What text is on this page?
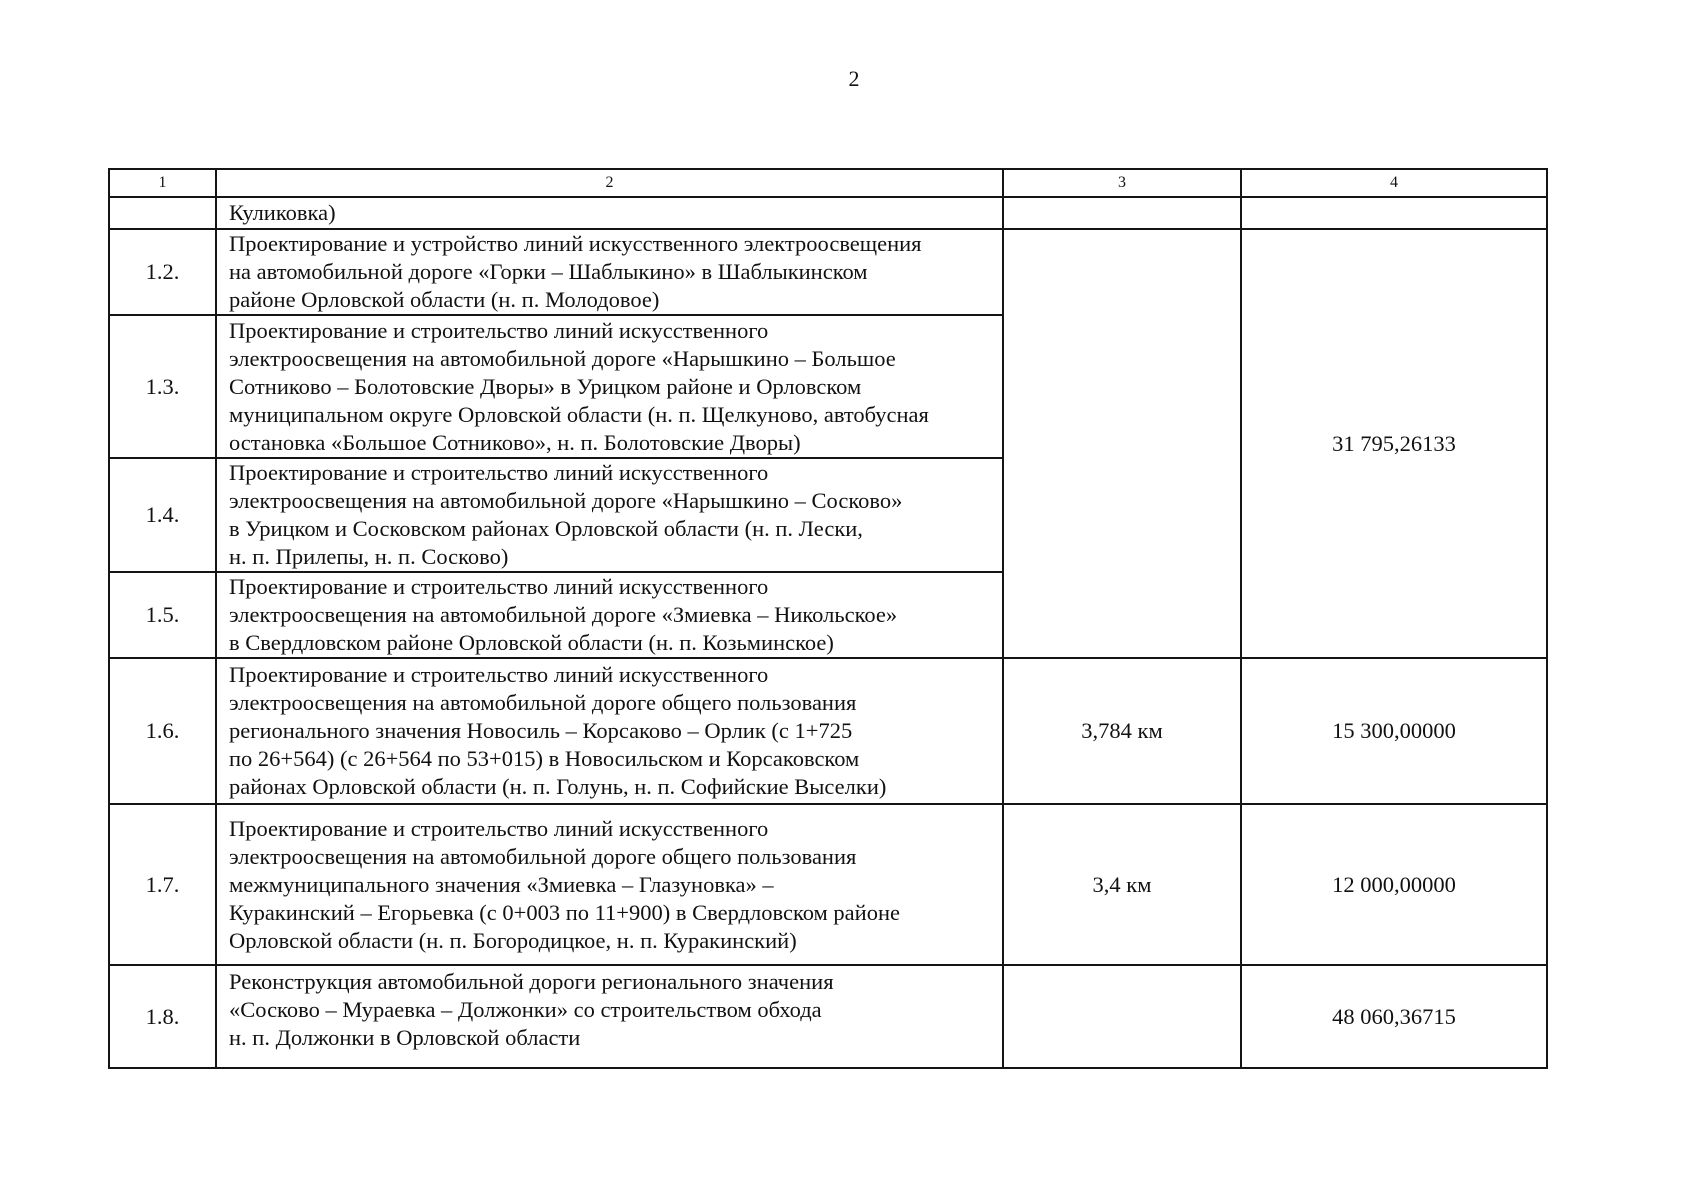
2
1	2	3	4
	Куликовка)		
1.2.	Проектирование и устройство линий искусственного электроосвещения
на автомобильной дороге «Горки – Шаблыкино» в Шаблыкинском
районе Орловской области (н. п. Молодовое)		31 795,26133
1.3.	Проектирование и строительство линий искусственного
электроосвещения на автомобильной дороге «Нарышкино – Большое
Сотниково – Болотовские Дворы» в Урицком районе и Орловском
муниципальном округе Орловской области (н. п. Щелкуново, автобусная
остановка «Большое Сотниково», н. п. Болотовские Дворы)		

1.4.	Проектирование и строительство линий искусственного
электроосвещения на автомобильной дороге «Нарышкино – Сосково»
в Урицком и Сосковском районах Орловской области (н. п. Лески,
н. п. Прилепы, н. п. Сосково)		

1.5.	Проектирование и строительство линий искусственного
электроосвещения на автомобильной дороге «Змиевка – Никольское»
в Свердловском районе Орловской области (н. п. Козьминское)		

1.6.	Проектирование и строительство линий искусственного
электроосвещения на автомобильной дороге общего пользования
регионального значения Новосиль – Корсаково – Орлик (с 1+725
по 26+564) (с 26+564 по 53+015) в Новосильском и Корсаковском
районах Орловской области (н. п. Голунь, н. п. Софийские Выселки)	3,784 км	15 300,00000
1.7.	Проектирование и строительство линий искусственного
электроосвещения на автомобильной дороге общего пользования
межмуниципального значения «Змиевка – Глазуновка» –
Куракинский – Егорьевка (с 0+003 по 11+900) в Свердловском районе
Орловской области (н. п. Богородицкое, н. п. Куракинский)	3,4 км	12 000,00000
1.8.	Реконструкция автомобильной дороги регионального значения
«Сосково – Мураевка – Должонки» со строительством обхода
н. п. Должонки в Орловской области		48 060,36715
